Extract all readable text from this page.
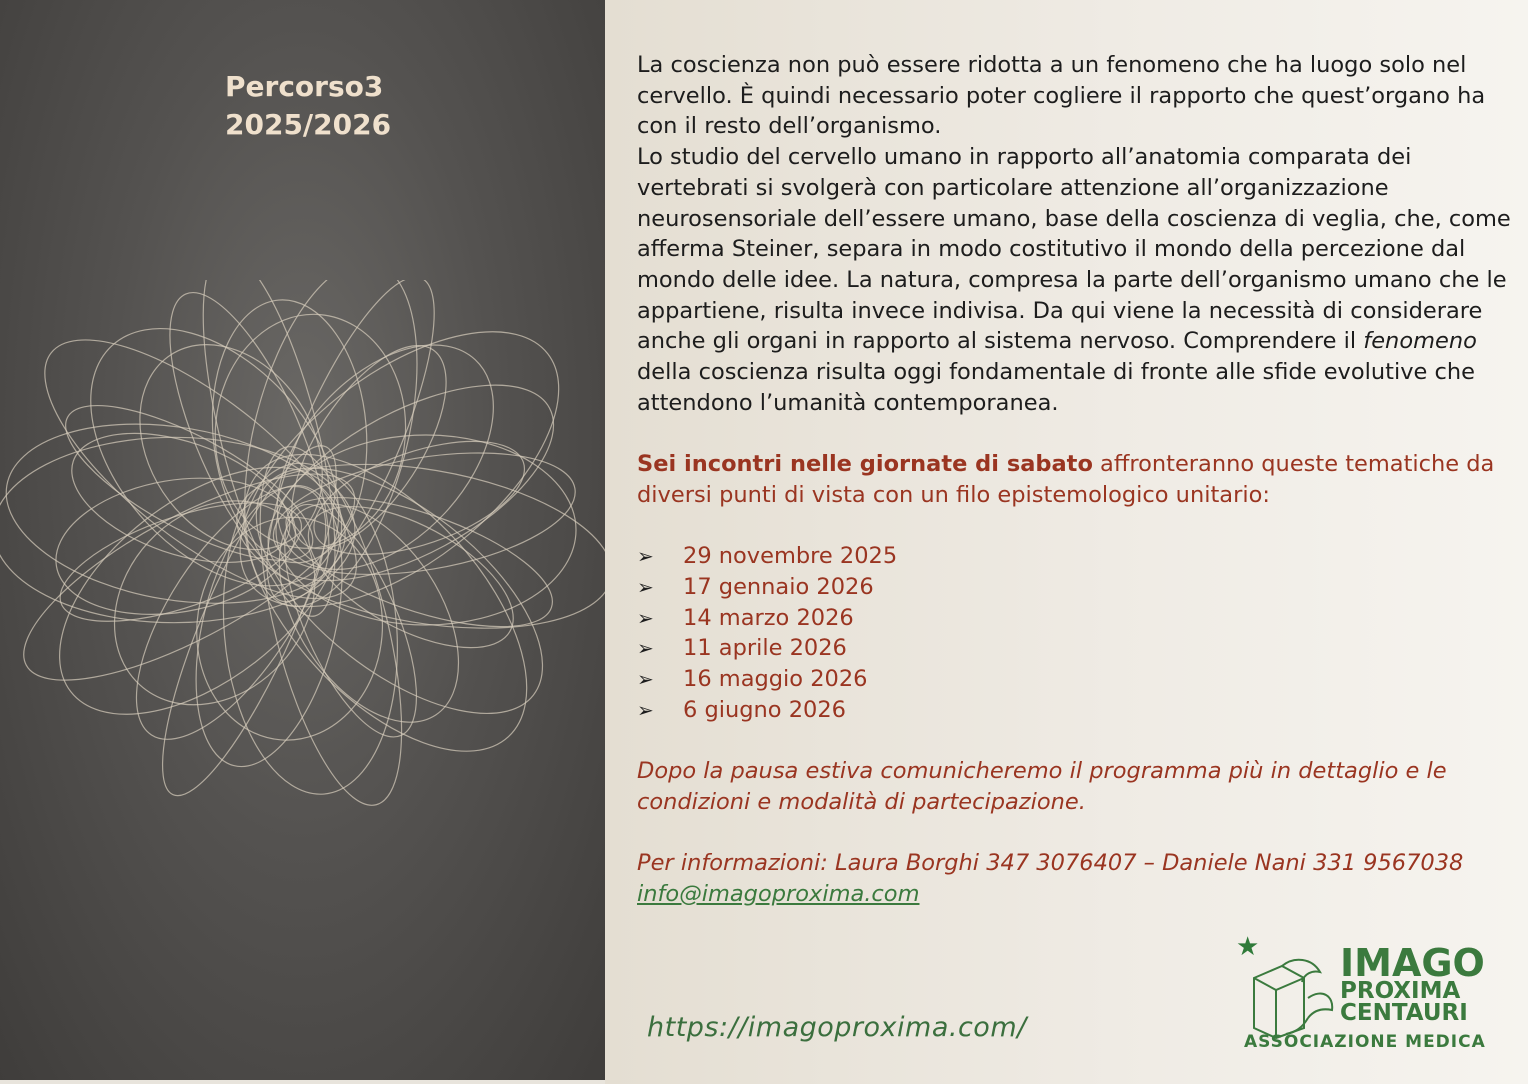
Percorso3
2025/2026

La coscienza non può essere ridotta a un fenomeno che ha luogo solo nel cervello. È quindi necessario poter cogliere il rapporto che quest’organo ha con il resto dell’organismo.
Lo studio del cervello umano in rapporto all’anatomia comparata dei vertebrati si svolgerà con particolare attenzione all’organizzazione neurosensoriale dell’essere umano, base della coscienza di veglia, che, come afferma Steiner, separa in modo costitutivo il mondo della percezione dal mondo delle idee. La natura, compresa la parte dell’organismo umano che le appartiene, risulta invece indivisa. Da qui viene la necessità di considerare anche gli organi in rapporto al sistema nervoso. Comprendere il fenomeno della coscienza risulta oggi fondamentale di fronte alle sfide evolutive che attendono l’umanità contemporanea.

Sei incontri nelle giornate di sabato affronteranno queste tematiche da diversi punti di vista con un filo epistemologico unitario:

➢	29 novembre 2025
➢	17 gennaio 2026
➢	14 marzo 2026
➢	11 aprile 2026
➢	16 maggio 2026
➢	6 giugno 2026

Dopo la pausa estiva comunicheremo il programma più in dettaglio e le condizioni e modalità di partecipazione.

Per informazioni: Laura Borghi 347 3076407 – Daniele Nani 331 9567038
info@imagoproxima.com

https://imagoproxima.com/
★ IMAGO
PROXIMA
CENTAURI
ASSOCIAZIONE MEDICA
